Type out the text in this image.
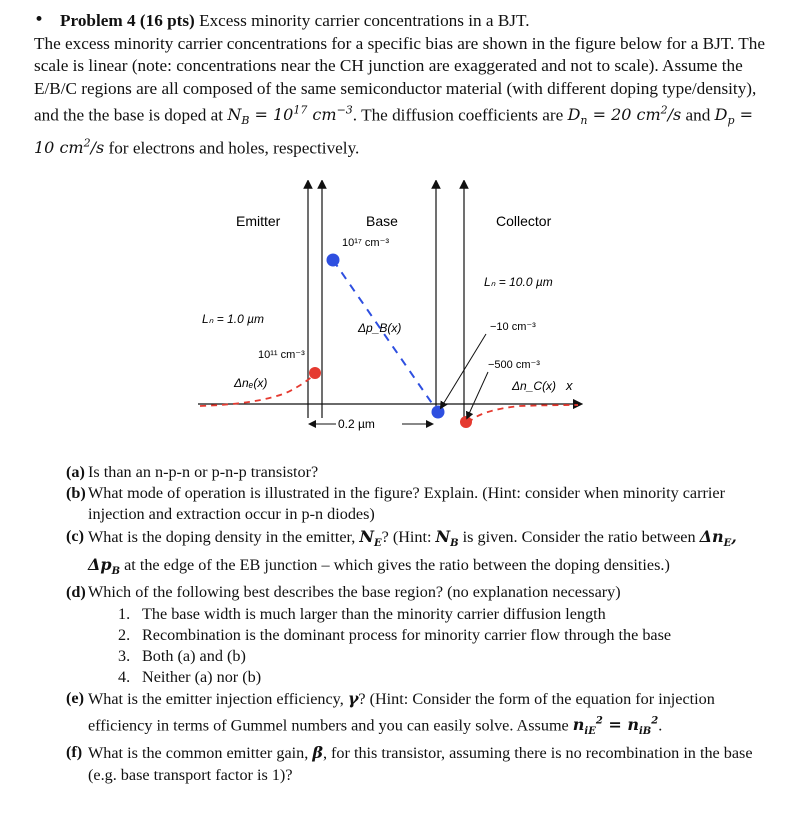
• Problem 4 (16 pts) Excess minority carrier concentrations in a BJT.

The excess minority carrier concentrations for a specific bias are shown in the figure below for a BJT. The scale is linear (note: concentrations near the CH junction are exaggerated and not to scale). Assume the E/B/C regions are all composed of the same semiconductor material (with different doping type/density), and the the base is doped at $N_B = 10^{17}$ $cm^{-3}$. The diffusion coefficients are $D_n = 20$ $cm^2/s$ and $D_p = 10$ $cm^2/s$ for electrons and holes, respectively.

Emitter	Base	Collector
10¹⁷ cm⁻³
Δp_B(x)
Lₙ = 1.0 µm
10¹¹ cm⁻³
Δnₑ(x)
Lₙ = 10.0 µm
−10 cm⁻³
−500 cm⁻³
Δn_C(x) x
0.2 µm

(a) Is than an n-p-n or p-n-p transistor?

(b) What mode of operation is illustrated in the figure? Explain. (Hint: consider when minority carrier injection and extraction occur in p-n diodes)

(c) What is the doping density in the emitter, $N_E$? (Hint: $N_B$ is given. Consider the ratio between $\Delta n_E$, $\Delta p_B$ at the edge of the EB junction – which gives the ratio between the doping densities.)

(d) Which of the following best describes the base region? (no explanation necessary)

1. The base width is much larger than the minority carrier diffusion length
2. Recombination is the dominant process for minority carrier flow through the base
3. Both (a) and (b)
4. Neither (a) nor (b)

(e) What is the emitter injection efficiency, γ? (Hint: Consider the form of the equation for injection efficiency in terms of Gummel numbers and you can easily solve. Assume $n_{iE}^2 = n_{iB}^2$.

(f) What is the common emitter gain, β, for this transistor, assuming there is no recombination in the base (e.g. base transport factor is 1)?
